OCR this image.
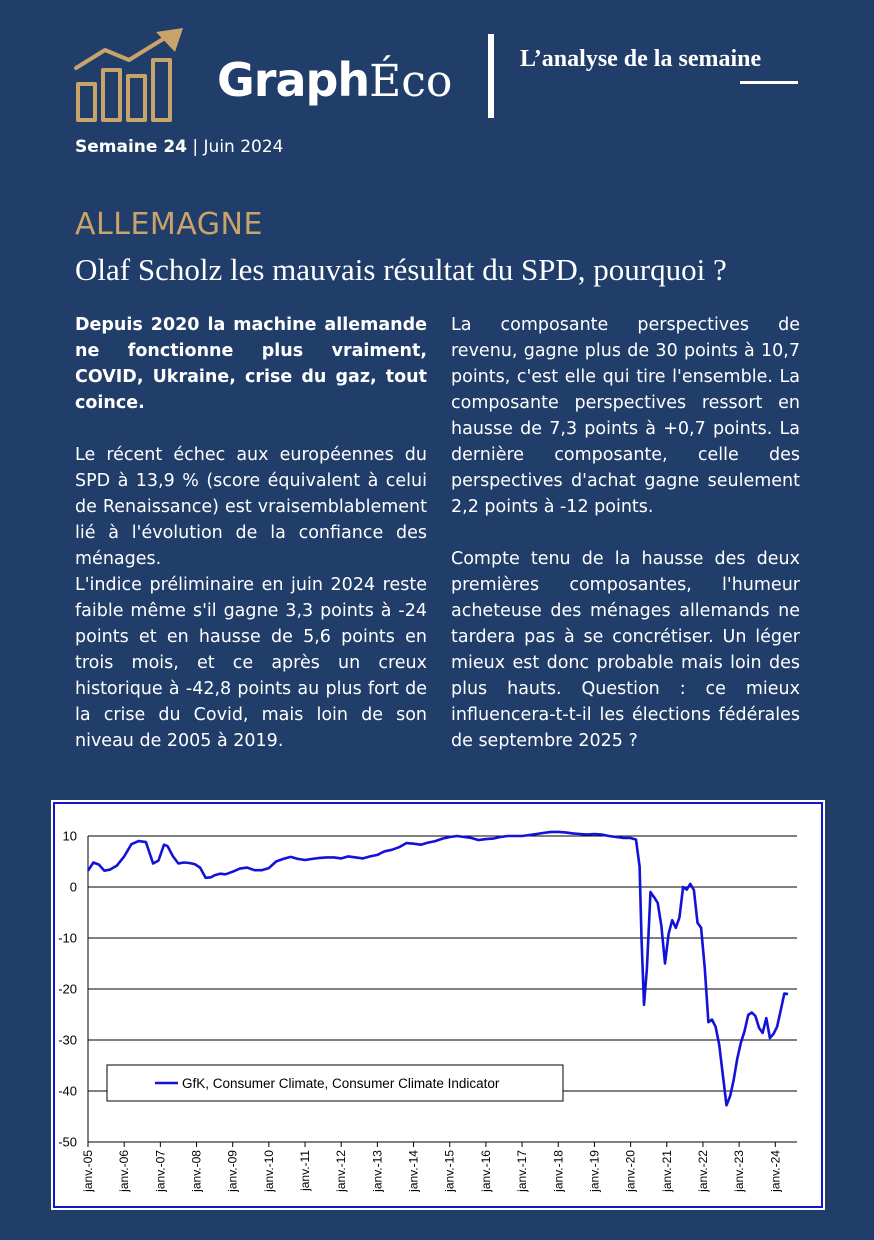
GraphÉco	L’analyse de la semaine
Semaine 24 | Juin 2024
ALLEMAGNE
Olaf Scholz les mauvais résultat du SPD, pourquoi ?

Depuis 2020 la machine allemande ne fonctionne plus vraiment, COVID, Ukraine, crise du gaz, tout coince.

Le récent échec aux européennes du SPD à 13,9 % (score équivalent à celui de Renaissance) est vraisemblablement lié à l'évolution de la confiance des ménages.

L'indice préliminaire en juin 2024 reste faible même s'il gagne 3,3 points à -24 points et en hausse de 5,6 points en trois mois, et ce après un creux historique à -42,8 points au plus fort de la crise du Covid, mais loin de son niveau de 2005 à 2019.

La composante perspectives de revenu, gagne plus de 30 points à 10,7 points, c'est elle qui tire l'ensemble. La composante perspectives ressort en hausse de 7,3 points à +0,7 points. La dernière composante, celle des perspectives d'achat gagne seulement 2,2 points à -12 points.

Compte tenu de la hausse des deux premières composantes, l'humeur acheteuse des ménages allemands ne tardera pas à se concrétiser. Un léger mieux est donc probable mais loin des plus hauts. Question : ce mieux influencera-t-t-il les élections fédérales de septembre 2025 ?

10
0
-10
-20
-30
-40
-50
janv.-05 janv.-06 janv.-07 janv.-08 janv.-09 janv.-10 janv.-11 janv.-12 janv.-13 janv.-14 janv.-15 janv.-16 janv.-17 janv.-18 janv.-19 janv.-20 janv.-21 janv.-22 janv.-23 janv.-24
GfK, Consumer Climate, Consumer Climate Indicator
